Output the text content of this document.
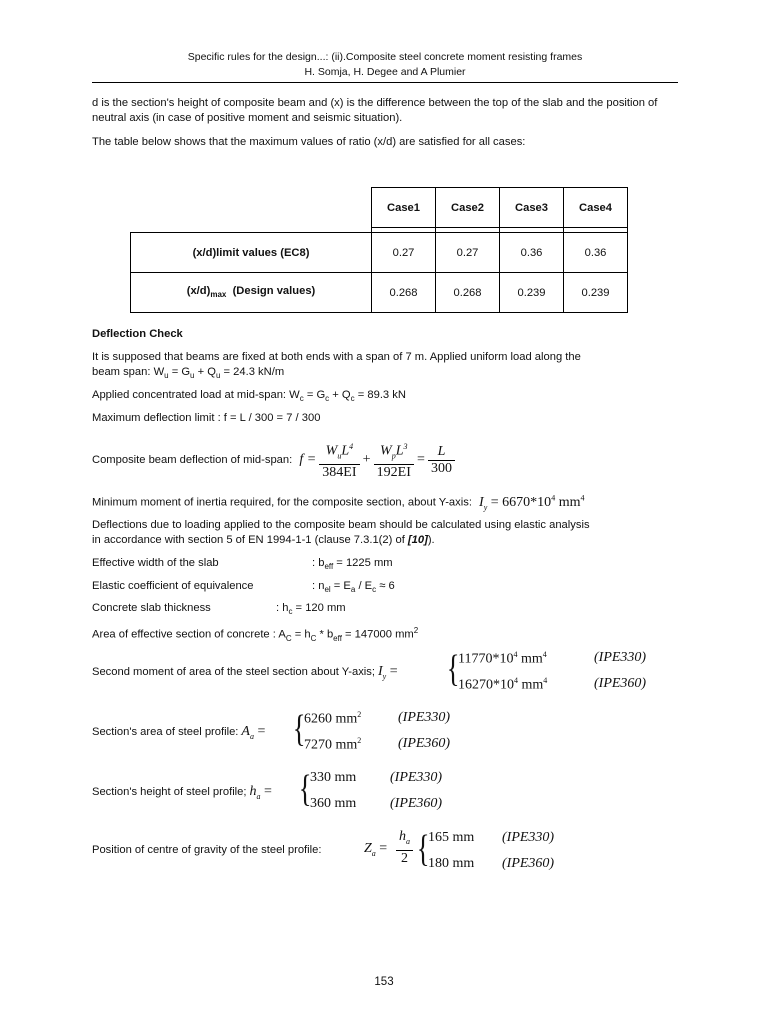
Specific rules for the design...: (ii).Composite steel concrete moment resisting frames
H. Somja, H. Degee and A Plumier
d is the section's height of composite beam and (x) is the difference between the top of the slab and the position of neutral axis (in case of positive moment and seismic situation).
The table below shows that the maximum values of ratio (x/d) are satisfied for all cases:
	Case1	Case2	Case3	Case4

(x/d)limit values (EC8)	0.27	0.27	0.36	0.36
$(x/d)_{max}$  (Design values)	0.268	0.268	0.239	0.239
Deflection Check
It is supposed that beams are fixed at both ends with a span of 7 m. Applied uniform load along the
beam span: $W_u = G_u + Q_u = 24.3$ kN/m
Applied concentrated load at mid-span: $W_c = G_c + Q_c = 89.3$ kN
Maximum deflection limit : f = L / 300 = 7 / 300
Composite beam deflection of mid-span: $f = \frac{W_uL^4}{384EI} + \frac{W_pL^3}{192EI} = \frac{L}{300}$
Minimum moment of inertia required, for the composite section, about Y-axis: $I_y = 6670*10^4$ $mm^4$
Deflections due to loading applied to the composite beam should be calculated using elastic analysis
in accordance with section 5 of EN 1994-1-1 (clause 7.3.1(2) of [10]).
Effective width of the slab	: $b_{eff} = 1225$ mm
Elastic coefficient of equivalence	: $n_{el} = E_a / E_c \approx 6$
Concrete slab thickness	: $h_c = 120$ mm
Area of effective section of concrete : $A_C = h_C * b_{eff} = 147000$ $mm^2$
Second moment of area of the steel section about Y-axis; $I_y$ = {
$11770*10^4$ $mm^4$	(IPE330)
$16270*10^4$ $mm^4$	(IPE360)
Section's area of steel profile: $A_a$ = {
6260 $mm^2$	(IPE330)
7270 $mm^2$	(IPE360)
Section's height of steel profile; $h_a$ = {
330 mm (IPE330)
360 mm (IPE360)
Position of centre of gravity of the steel profile:	$Z_a = \frac{h_a}{2}$ {
165 mm (IPE330)
180 mm (IPE360)
153
